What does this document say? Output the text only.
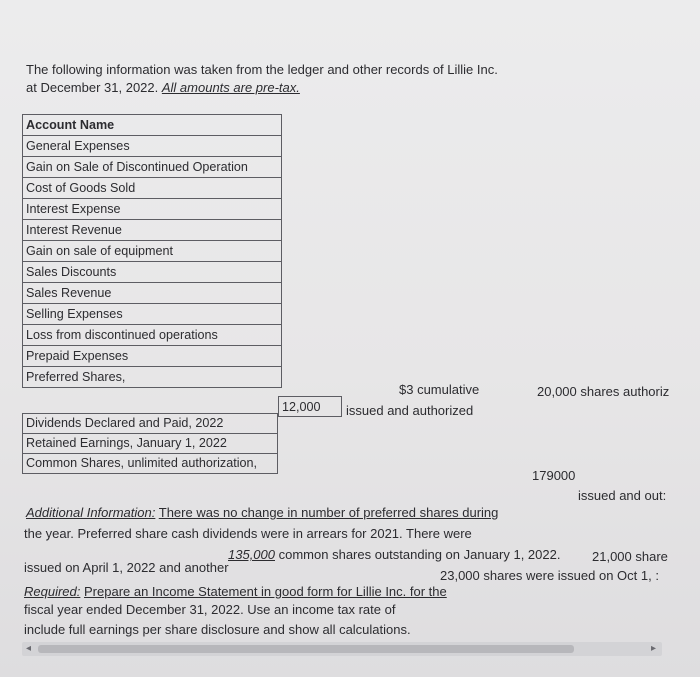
The following information was taken from the ledger and other records of Lillie Inc.
at December 31, 2022. All amounts are pre-tax.
Account Name
General Expenses
Gain on Sale of Discontinued Operation
Cost of Goods Sold
Interest Expense
Interest Revenue
Gain on sale of equipment
Sales Discounts
Sales Revenue
Selling Expenses
Loss from discontinued operations
Prepaid Expenses
Preferred Shares,
12,000
$3 cumulative	20,000 shares authoriz
issued and authorized
Dividends Declared and Paid, 2022
Retained Earnings, January 1, 2022
Common Shares, unlimited authorization,
179000
issued and out:
Additional Information: There was no change in number of preferred shares during
the year. Preferred share cash dividends were in arrears for 2021. There were
135,000 common shares outstanding on January 1, 2022. 21,000 share
issued on April 1, 2022 and another
23,000 shares were issued on Oct 1, :
Required: Prepare an Income Statement in good form for Lillie Inc. for the
fiscal year ended December 31, 2022. Use an income tax rate of
include full earnings per share disclosure and show all calculations.
◂	▸
